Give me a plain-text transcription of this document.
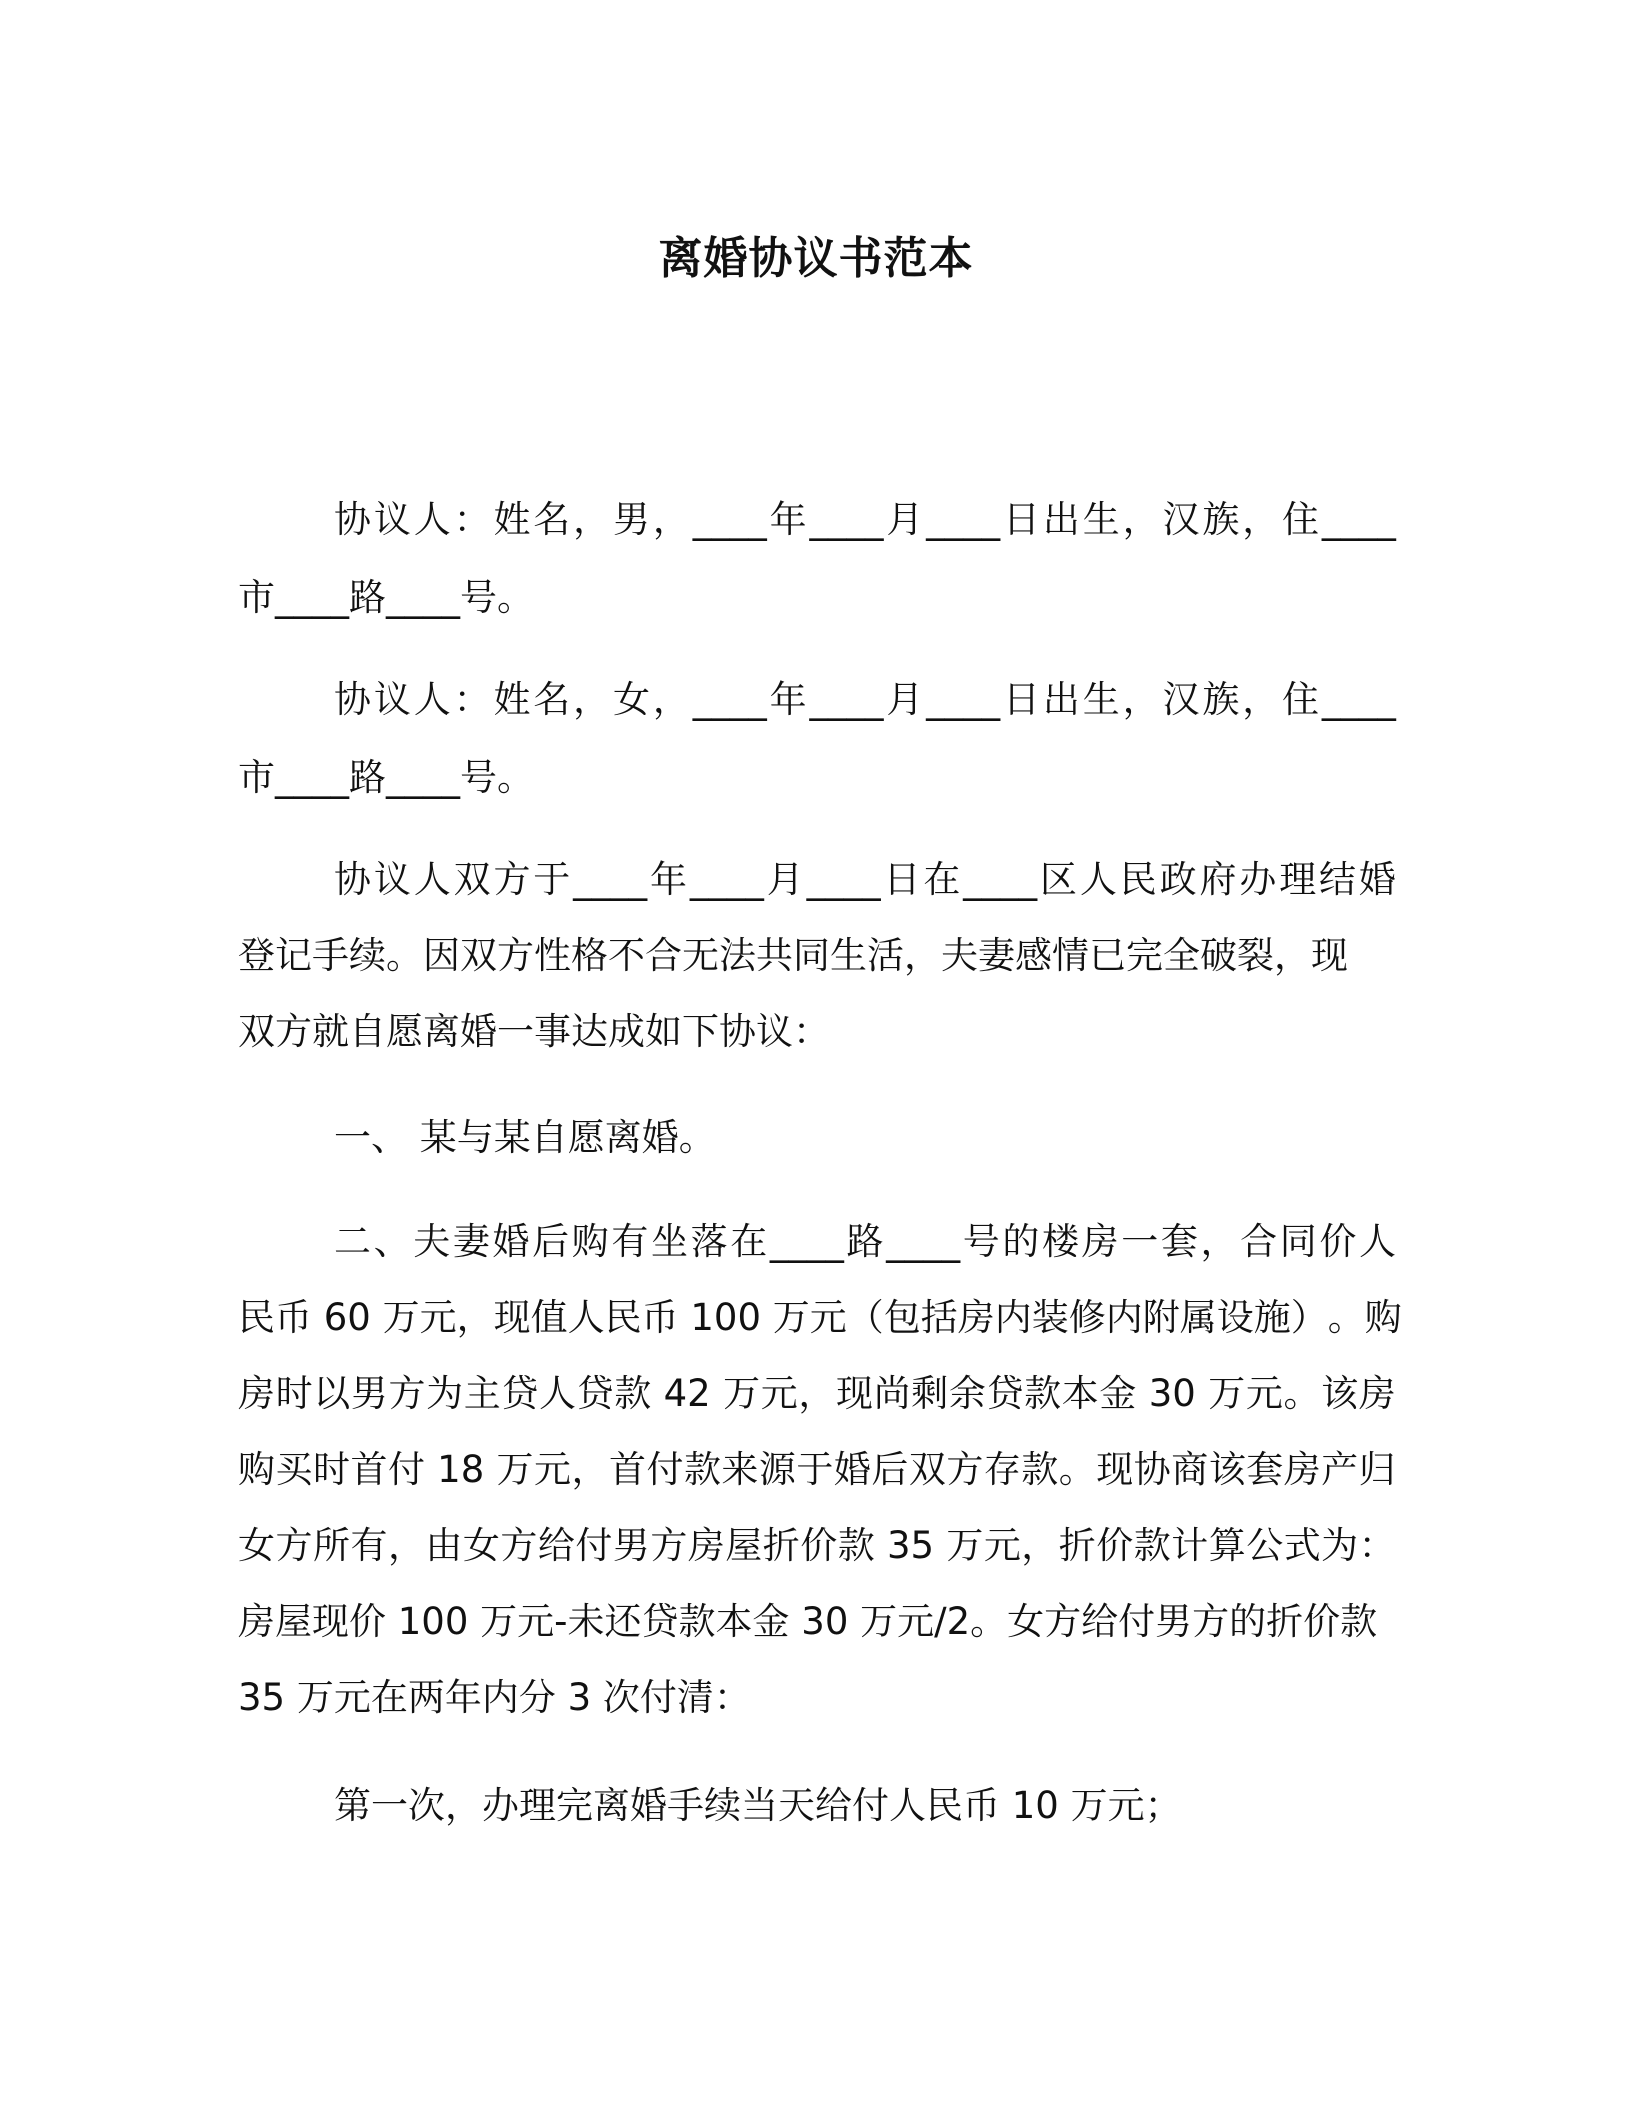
离婚协议书范本
协 议 人 ： 姓 名 ， 男 ， ____ 年 ____ 月 ____ 日 出 生 ， 汉 族 ， 住 ____
市____路____号。
协 议 人 ： 姓 名 ， 女 ， ____ 年 ____ 月 ____ 日 出 生 ， 汉 族 ， 住 ____
市____路____号。
协 议 人 双 方 于 ____ 年 ____ 月 ____ 日 在 ____ 区 人 民 政 府 办 理 结 婚
登 记 手 续 。 因 双 方 性 格 不 合 无 法 共 同 生 活 ， 夫 妻 感 情 已 完 全 破 裂 ， 现
双方就自愿离婚一事达成如下协议：
一、 某与某自愿离婚。
二 、 夫 妻 婚 后 购 有 坐 落 在 ____ 路 ____ 号 的 楼 房 一 套 ， 合 同 价 人
民 币 60 万 元 ， 现 值 人 民 币 100 万 元 （ 包 括 房 内 装 修 内 附 属 设 施 ） 。 购
房 时 以 男 方 为 主 贷 人 贷 款 42 万 元 ， 现 尚 剩 余 贷 款 本 金 30 万 元 。 该 房
购 买 时 首 付 18 万 元 ， 首 付 款 来 源 于 婚 后 双 方 存 款 。 现 协 商 该 套 房 产 归
女 方 所 有 ， 由 女 方 给 付 男 方 房 屋 折 价 款 35 万 元 ， 折 价 款 计 算 公 式 为 ：
房 屋 现 价 100 万 元 - 未 还 贷 款 本 金 30 万 元 /2 。 女 方 给 付 男 方 的 折 价 款
35 万元在两年内分 3 次付清：
第一次，办理完离婚手续当天给付人民币 10 万元；
